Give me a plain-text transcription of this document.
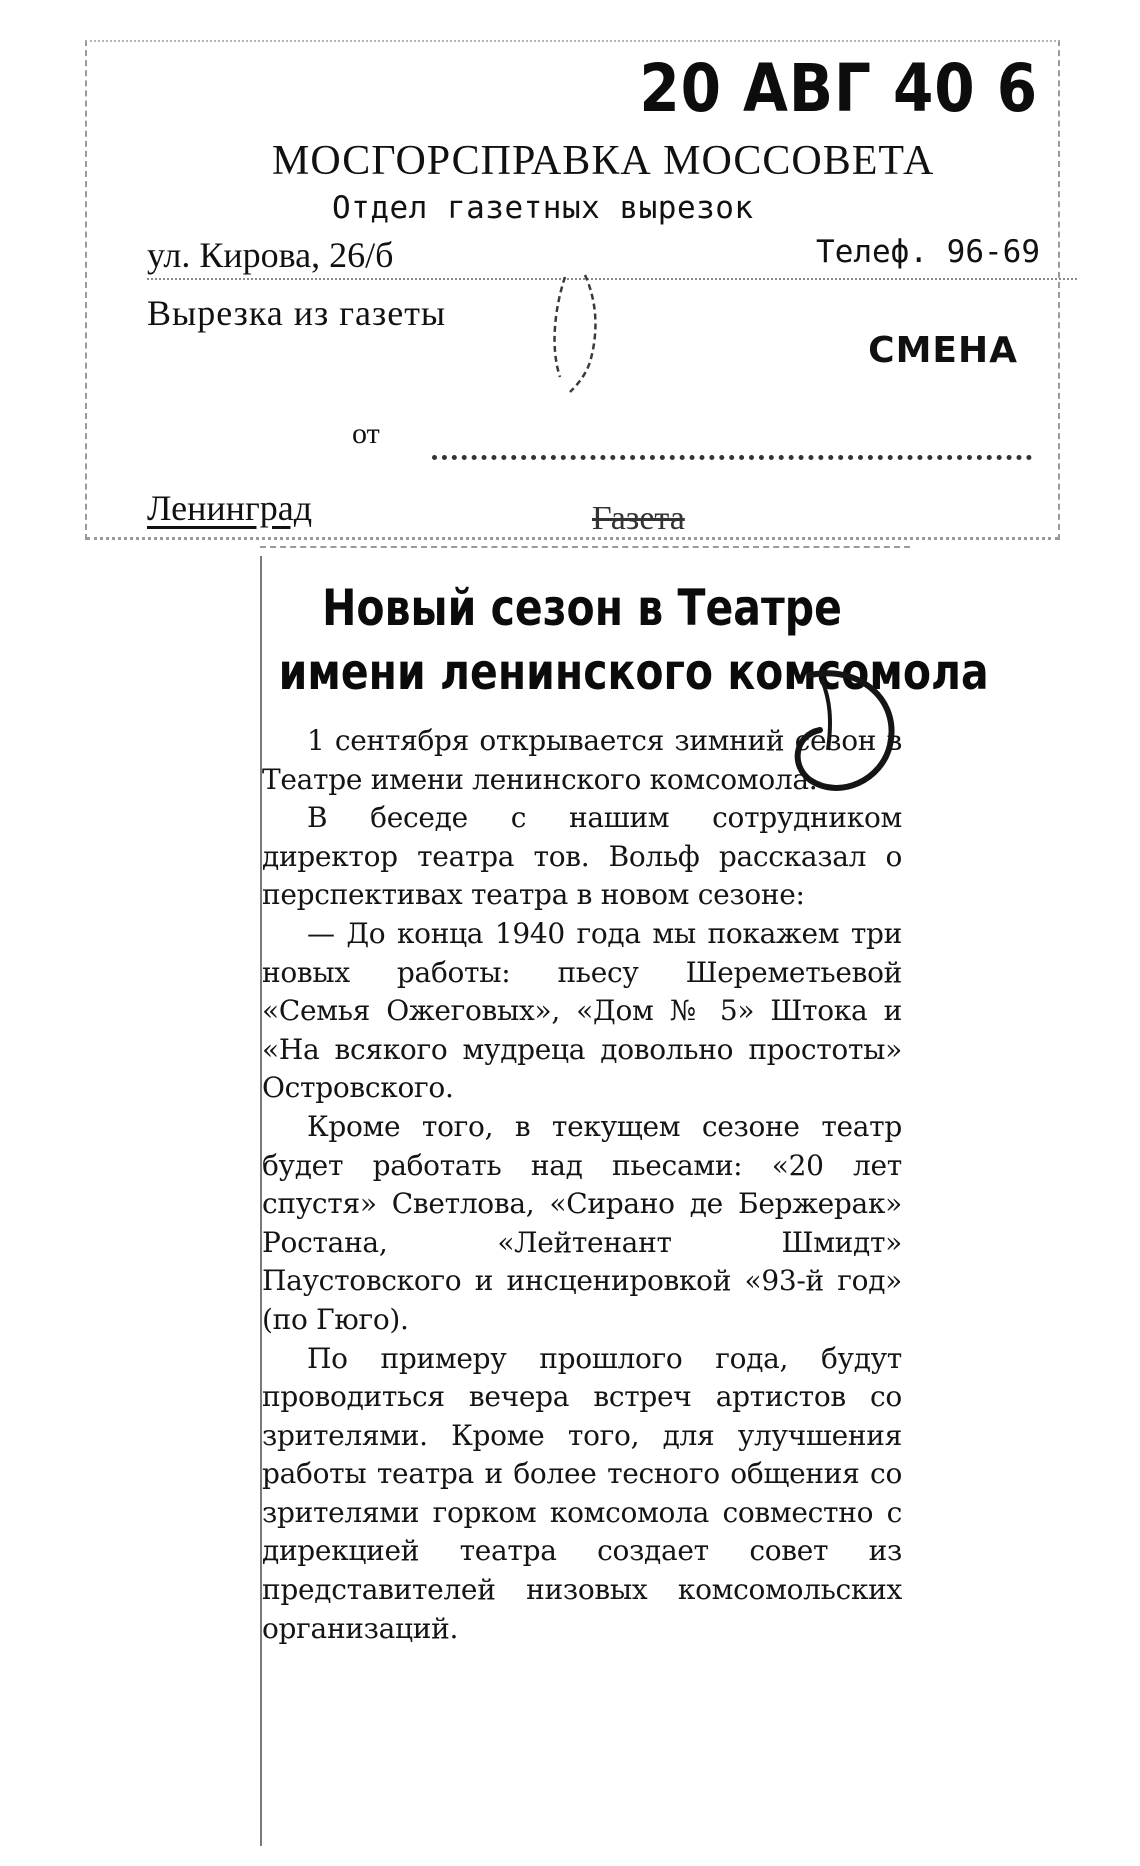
20 АВГ 40 6
МОСГОРСПРАВКА МОССОВЕТА
Отдел газетных вырезок
ул. Кирова, 26/б	Телеф. 96-69
Вырезка из газеты
СМЕНА
от
Ленинград	Газета
Новый сезон в Театре
имени ленинского комсомола

1 сентября открывается зимний сезон в Театре имени ленинского комсомола.

В беседе с нашим сотрудником директор театра тов. Вольф рассказал о перспективах театра в новом сезоне:

— До конца 1940 года мы покажем три новых работы: пьесу Шереметьевой «Семья Ожеговых», «Дом № 5» Штока и «На всякого мудреца довольно простоты» Островского.

Кроме того, в текущем сезоне театр будет работать над пьесами: «20 лет спустя» Светлова, «Сирано де Бержерак» Ростана, «Лейтенант Шмидт» Паустовского и инсценировкой «93-й год» (по Гюго).

По примеру прошлого года, будут проводиться вечера встреч артистов со зрителями. Кроме того, для улучшения работы театра и более тесного общения со зрителями горком комсомола совместно с дирекцией театра создает совет из представителей низовых комсомольских организаций.
